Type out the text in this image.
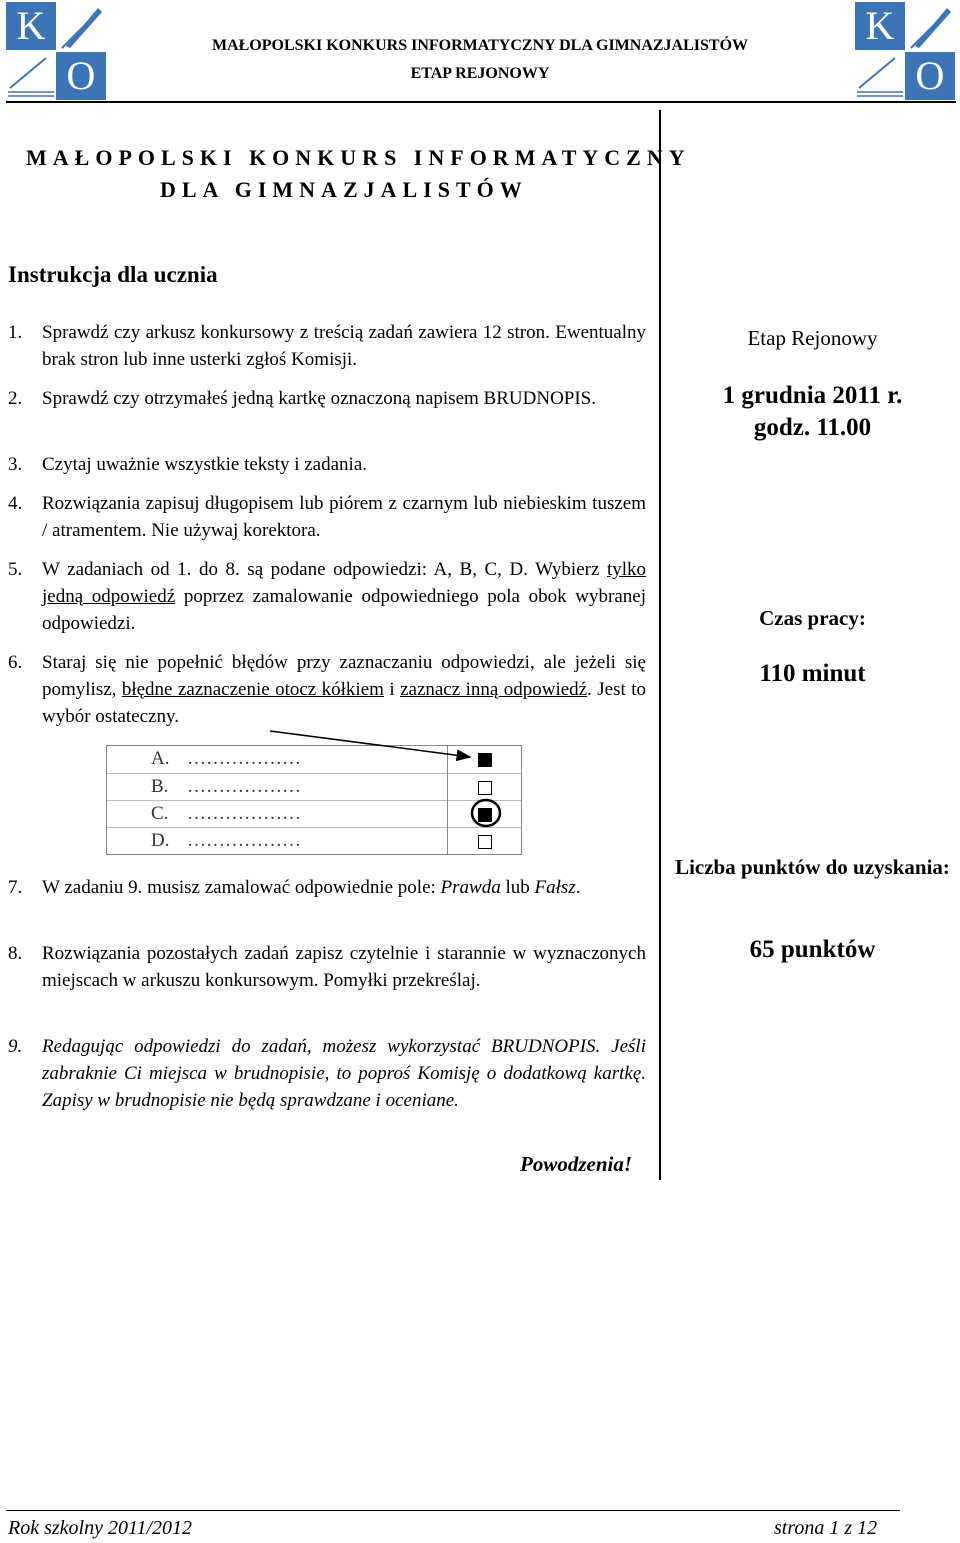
K
O
K
O
MAŁOPOLSKI KONKURS INFORMATYCZNY DLA GIMNAZJALISTÓW
ETAP REJONOWY
MAŁOPOLSKI KONKURS INFORMATYCZNY
DLA GIMNAZJALISTÓW
Instrukcja dla ucznia
1. Sprawdź czy arkusz konkursowy z treścią zadań zawiera 12 stron. Ewentualny brak stron lub inne usterki zgłoś Komisji.
2. Sprawdź czy otrzymałeś jedną kartkę oznaczoną napisem BRUDNOPIS.
3. Czytaj uważnie wszystkie teksty i zadania.
4. Rozwiązania zapisuj długopisem lub piórem z czarnym lub niebieskim tuszem / atramentem. Nie używaj korektora.
5. W zadaniach od 1. do 8. są podane odpowiedzi: A, B, C, D. Wybierz tylko jedną odpowiedź poprzez zamalowanie odpowiedniego pola obok wybranej odpowiedzi.
6. Staraj się nie popełnić błędów przy zaznaczaniu odpowiedzi, ale jeżeli się pomylisz, błędne zaznaczenie otocz kółkiem i zaznacz inną odpowiedź. Jest to wybór ostateczny.
A. ………………
B. ………………
C. ………………
D. ………………
7. W zadaniu 9. musisz zamalować odpowiednie pole: Prawda lub Fałsz.
8. Rozwiązania pozostałych zadań zapisz czytelnie i starannie w wyznaczonych miejscach w arkuszu konkursowym. Pomyłki przekreślaj.
9. Redagując odpowiedzi do zadań, możesz wykorzystać BRUDNOPIS. Jeśli zabraknie Ci miejsca w brudnopisie, to poproś Komisję o dodatkową kartkę. Zapisy w brudnopisie nie będą sprawdzane i oceniane.
Powodzenia!
Etap Rejonowy
1 grudnia 2011 r.
godz. 11.00
Czas pracy:
110 minut
Liczba punktów do uzyskania:
65 punktów
Rok szkolny 2011/2012	strona 1 z 12
